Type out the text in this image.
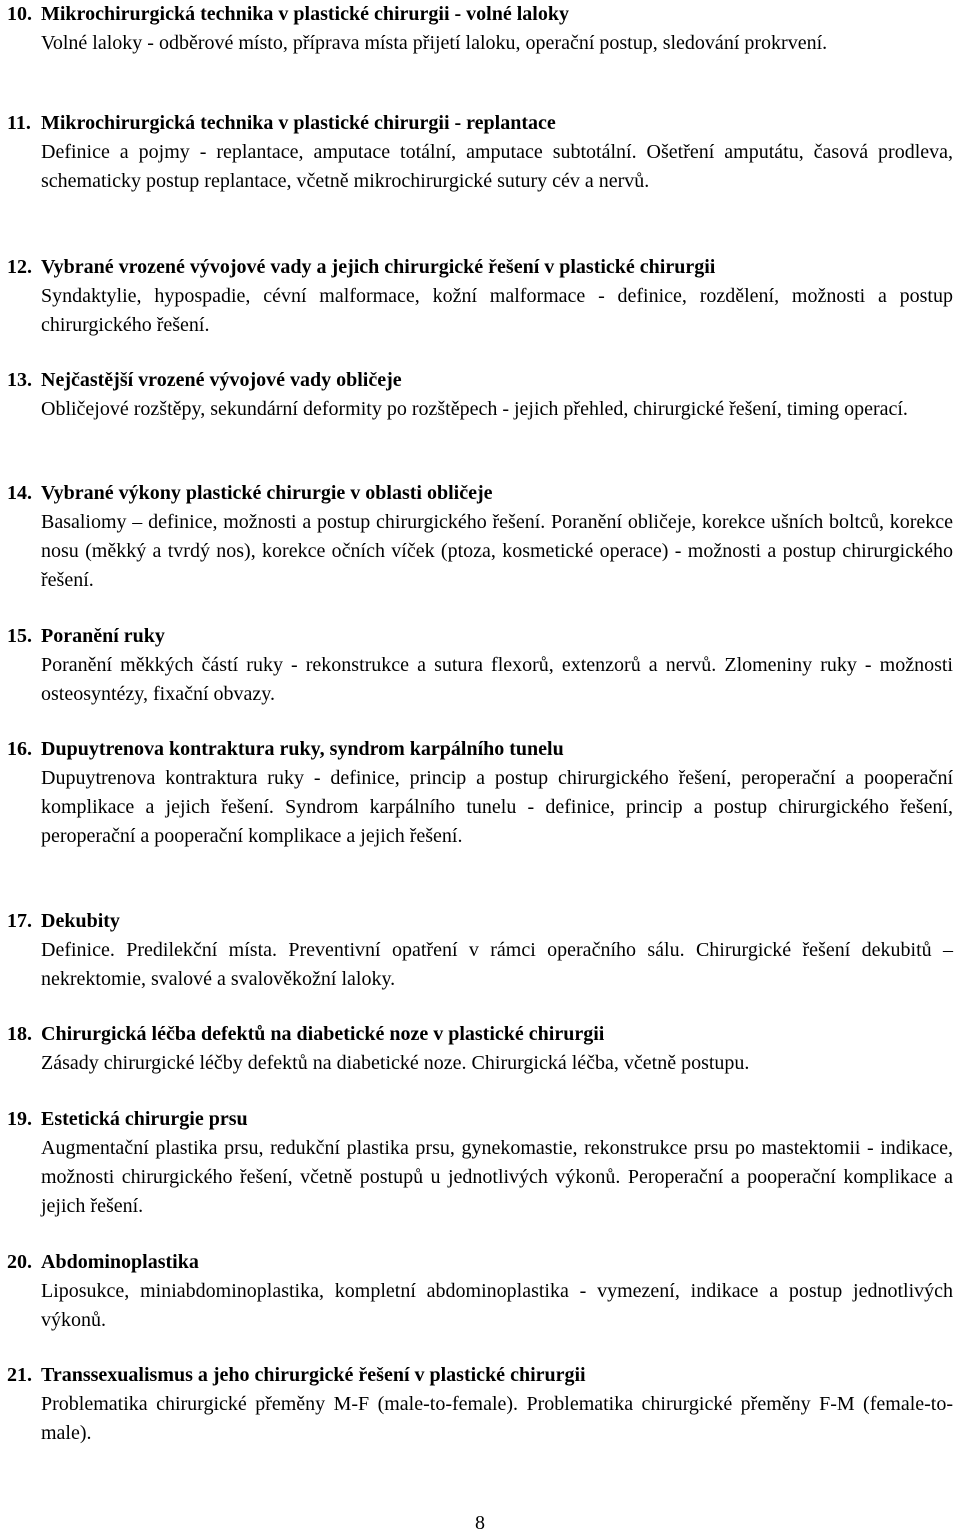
10. Mikrochirurgická technika v plastické chirurgii - volné laloky
Volné laloky - odběrové místo, příprava místa přijetí laloku, operační postup, sledování prokrvení.
11. Mikrochirurgická technika v plastické chirurgii - replantace
Definice a pojmy - replantace, amputace totální, amputace subtotální. Ošetření amputátu, časová prodleva, schematicky postup replantace, včetně mikrochirurgické sutury cév a nervů.
12. Vybrané vrozené vývojové vady a jejich chirurgické řešení v plastické chirurgii
Syndaktylie, hypospadie, cévní malformace, kožní malformace - definice, rozdělení, možnosti a postup chirurgického řešení.
13. Nejčastější vrozené vývojové vady obličeje
Obličejové rozštěpy, sekundární deformity po rozštěpech - jejich přehled, chirurgické řešení, timing operací.
14. Vybrané výkony plastické chirurgie v oblasti obličeje
Basaliomy – definice, možnosti a postup chirurgického řešení. Poranění obličeje, korekce ušních boltců, korekce nosu (měkký a tvrdý nos), korekce očních víček (ptoza, kosmetické operace) - možnosti a postup chirurgického řešení.
15. Poranění ruky
Poranění měkkých částí ruky - rekonstrukce a sutura flexorů, extenzorů a nervů. Zlomeniny ruky - možnosti osteosyntézy, fixační obvazy.
16. Dupuytrenova kontraktura ruky, syndrom karpálního tunelu
Dupuytrenova kontraktura ruky - definice, princip a postup chirurgického řešení, peroperační a pooperační komplikace a jejich řešení. Syndrom karpálního tunelu - definice, princip a postup chirurgického řešení, peroperační a pooperační komplikace a jejich řešení.
17. Dekubity
Definice. Predilekční místa. Preventivní opatření v rámci operačního sálu. Chirurgické řešení dekubitů – nekrektomie, svalové a svalověkožní laloky.
18. Chirurgická léčba defektů na diabetické noze v plastické chirurgii
Zásady chirurgické léčby defektů na diabetické noze. Chirurgická léčba, včetně postupu.
19. Estetická chirurgie prsu
Augmentační plastika prsu, redukční plastika prsu, gynekomastie, rekonstrukce prsu po mastektomii - indikace, možnosti chirurgického řešení, včetně postupů u jednotlivých výkonů. Peroperační a pooperační komplikace a jejich řešení.
20. Abdominoplastika
Liposukce, miniabdominoplastika, kompletní abdominoplastika - vymezení, indikace a postup jednotlivých výkonů.
21. Transsexualismus a jeho chirurgické řešení v plastické chirurgii
Problematika chirurgické přeměny M-F (male-to-female). Problematika chirurgické přeměny F-M (female-to-male).
8
